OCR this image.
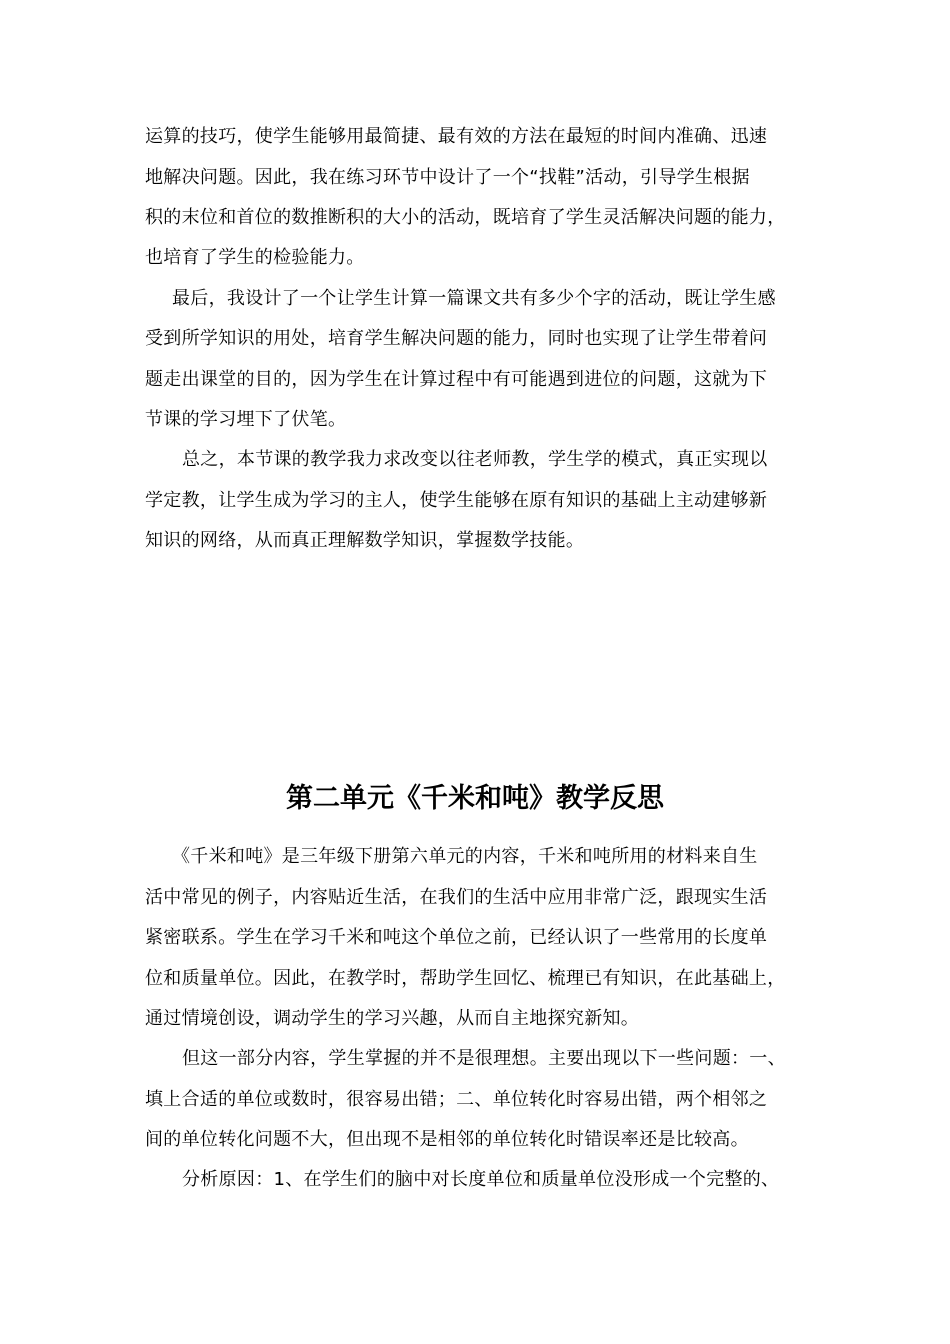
运算的技巧，使学生能够用最简捷、最有效的方法在最短的时间内准确、迅速
地解决问题。因此，我在练习环节中设计了一个“找鞋”活动，引导学生根据
积的末位和首位的数推断积的大小的活动，既培育了学生灵活解决问题的能力，
也培育了学生的检验能力。
最后，我设计了一个让学生计算一篇课文共有多少个字的活动，既让学生感
受到所学知识的用处，培育学生解决问题的能力，同时也实现了让学生带着问
题走出课堂的目的，因为学生在计算过程中有可能遇到进位的问题，这就为下
节课的学习埋下了伏笔。
总之，本节课的教学我力求改变以往老师教，学生学的模式，真正实现以
学定教，让学生成为学习的主人，使学生能够在原有知识的基础上主动建够新
知识的网络，从而真正理解数学知识，掌握数学技能。
第二单元《千米和吨》教学反思
《千米和吨》是三年级下册第六单元的内容，千米和吨所用的材料来自生
活中常见的例子，内容贴近生活，在我们的生活中应用非常广泛，跟现实生活
紧密联系。学生在学习千米和吨这个单位之前，已经认识了一些常用的长度单
位和质量单位。因此，在教学时，帮助学生回忆、梳理已有知识，在此基础上，
通过情境创设，调动学生的学习兴趣，从而自主地探究新知。
但这一部分内容，学生掌握的并不是很理想。主要出现以下一些问题：一、
填上合适的单位或数时，很容易出错；二、单位转化时容易出错，两个相邻之
间的单位转化问题不大，但出现不是相邻的单位转化时错误率还是比较高。
分析原因：1、在学生们的脑中对长度单位和质量单位没形成一个完整的、
